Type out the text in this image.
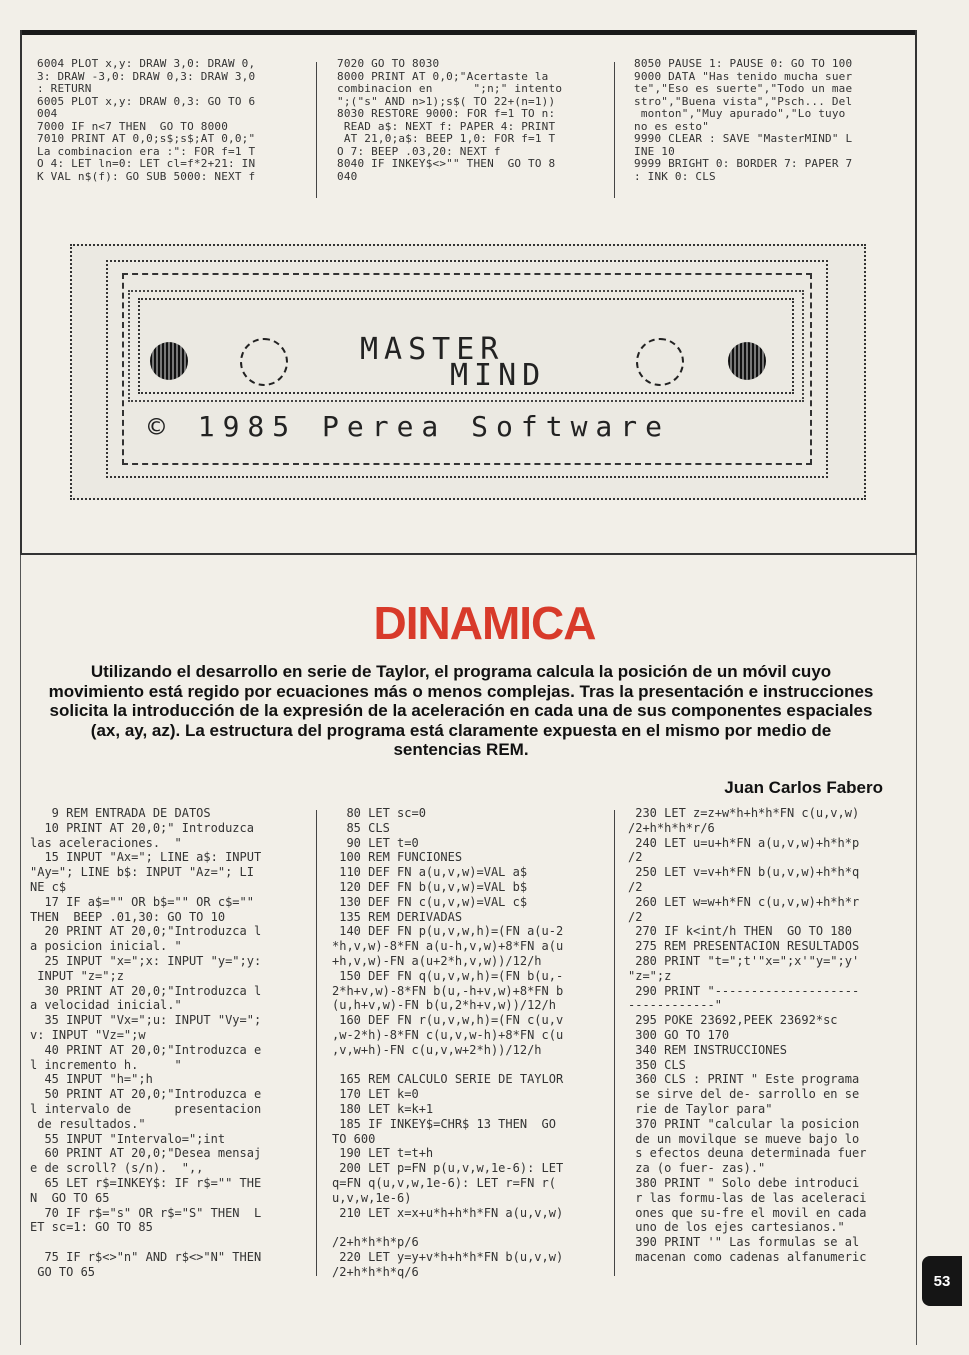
6004 PLOT x,y: DRAW 3,0: DRAW 0,
3: DRAW -3,0: DRAW 0,3: DRAW 3,0
: RETURN
6005 PLOT x,y: DRAW 0,3: GO TO 6
004
7000 IF n<7 THEN  GO TO 8000
7010 PRINT AT 0,0;s$;s$;AT 0,0;"
La combinacion era :": FOR f=1 T
O 4: LET ln=0: LET cl=f*2+21: IN
K VAL n$(f): GO SUB 5000: NEXT f
7020 GO TO 8030
8000 PRINT AT 0,0;"Acertaste la
combinacion en      ";n;" intento
";("s" AND n>1);s$( TO 22+(n=1))
8030 RESTORE 9000: FOR f=1 TO n:
READ a$: NEXT f: PAPER 4: PRINT
AT 21,0;a$: BEEP 1,0: FOR f=1 T
O 7: BEEP .03,20: NEXT f
8040 IF INKEY$<>"" THEN  GO TO 8
040
8050 PAUSE 1: PAUSE 0: GO TO 100
9000 DATA "Has tenido mucha suer
te","Eso es suerte","Todo un mae
stro","Buena vista","Psch... Del
monton","Muy apurado","Lo tuyo
no es esto"
9990 CLEAR : SAVE "MasterMIND" L
INE 10
9999 BRIGHT 0: BORDER 7: PAPER 7
: INK 0: CLS
MASTER
MIND
© 1985 Perea Software
DINAMICA
Utilizando el desarrollo en serie de Taylor, el programa calcula la posición de un móvil cuyo movimiento está regido por ecuaciones más o menos complejas. Tras la presentación e instrucciones solicita la introducción de la expresión de la aceleración en cada una de sus componentes espaciales (ax, ay, az). La estructura del programa está claramente expuesta en el mismo por medio de sentencias REM.
Juan Carlos Fabero
9 REM ENTRADA DE DATOS
10 PRINT AT 20,0;" Introduzca
las aceleraciones.  "
15 INPUT "Ax="; LINE a$: INPUT
"Ay="; LINE b$: INPUT "Az="; LI
NE c$
17 IF a$="" OR b$="" OR c$=""
THEN  BEEP .01,30: GO TO 10
20 PRINT AT 20,0;"Introduzca l
a posicion inicial. "
25 INPUT "x=";x: INPUT "y=";y:
INPUT "z=";z
30 PRINT AT 20,0;"Introduzca l
a velocidad inicial."
35 INPUT "Vx=";u: INPUT "Vy=";
v: INPUT "Vz=";w
40 PRINT AT 20,0;"Introduzca e
l incremento h.     "
45 INPUT "h=";h
50 PRINT AT 20,0;"Introduzca e
l intervalo de      presentacion
de resultados."
55 INPUT "Intervalo=";int
60 PRINT AT 20,0;"Desea mensaj
e de scroll? (s/n).  ",,
65 LET r$=INKEY$: IF r$="" THE
N  GO TO 65
70 IF r$="s" OR r$="S" THEN  L
ET sc=1: GO TO 85

75 IF r$<>"n" AND r$<>"N" THEN
GO TO 65
80 LET sc=0
85 CLS
90 LET t=0
100 REM FUNCIONES
110 DEF FN a(u,v,w)=VAL a$
120 DEF FN b(u,v,w)=VAL b$
130 DEF FN c(u,v,w)=VAL c$
135 REM DERIVADAS
140 DEF FN p(u,v,w,h)=(FN a(u-2
*h,v,w)-8*FN a(u-h,v,w)+8*FN a(u
+h,v,w)-FN a(u+2*h,v,w))/12/h
150 DEF FN q(u,v,w,h)=(FN b(u,-
2*h+v,w)-8*FN b(u,-h+v,w)+8*FN b
(u,h+v,w)-FN b(u,2*h+v,w))/12/h
160 DEF FN r(u,v,w,h)=(FN c(u,v
,w-2*h)-8*FN c(u,v,w-h)+8*FN c(u
,v,w+h)-FN c(u,v,w+2*h))/12/h

165 REM CALCULO SERIE DE TAYLOR
170 LET k=0
180 LET k=k+1
185 IF INKEY$=CHR$ 13 THEN  GO
TO 600
190 LET t=t+h
200 LET p=FN p(u,v,w,1e-6): LET
q=FN q(u,v,w,1e-6): LET r=FN r(
u,v,w,1e-6)
210 LET x=x+u*h+h*h*FN a(u,v,w)

/2+h*h*h*p/6
220 LET y=y+v*h+h*h*FN b(u,v,w)
/2+h*h*h*q/6
230 LET z=z+w*h+h*h*FN c(u,v,w)
/2+h*h*h*r/6
240 LET u=u+h*FN a(u,v,w)+h*h*p
/2
250 LET v=v+h*FN b(u,v,w)+h*h*q
/2
260 LET w=w+h*FN c(u,v,w)+h*h*r
/2
270 IF k<int/h THEN  GO TO 180
275 REM PRESENTACION RESULTADOS
280 PRINT "t=";t'"x=";x'"y=";y'
"z=";z
290 PRINT "--------------------
------------"
295 POKE 23692,PEEK 23692*sc
300 GO TO 170
340 REM INSTRUCCIONES
350 CLS
360 CLS : PRINT " Este programa
se sirve del de- sarrollo en se
rie de Taylor para"
370 PRINT "calcular la posicion
de un movilque se mueve bajo lo
s efectos deuna determinada fuer
za (o fuer- zas)."
380 PRINT " Solo debe introduci
r las formu-las de las aceleraci
ones que su-fre el movil en cada
uno de los ejes cartesianos."
390 PRINT '" Las formulas se al
macenan como cadenas alfanumeric
53
